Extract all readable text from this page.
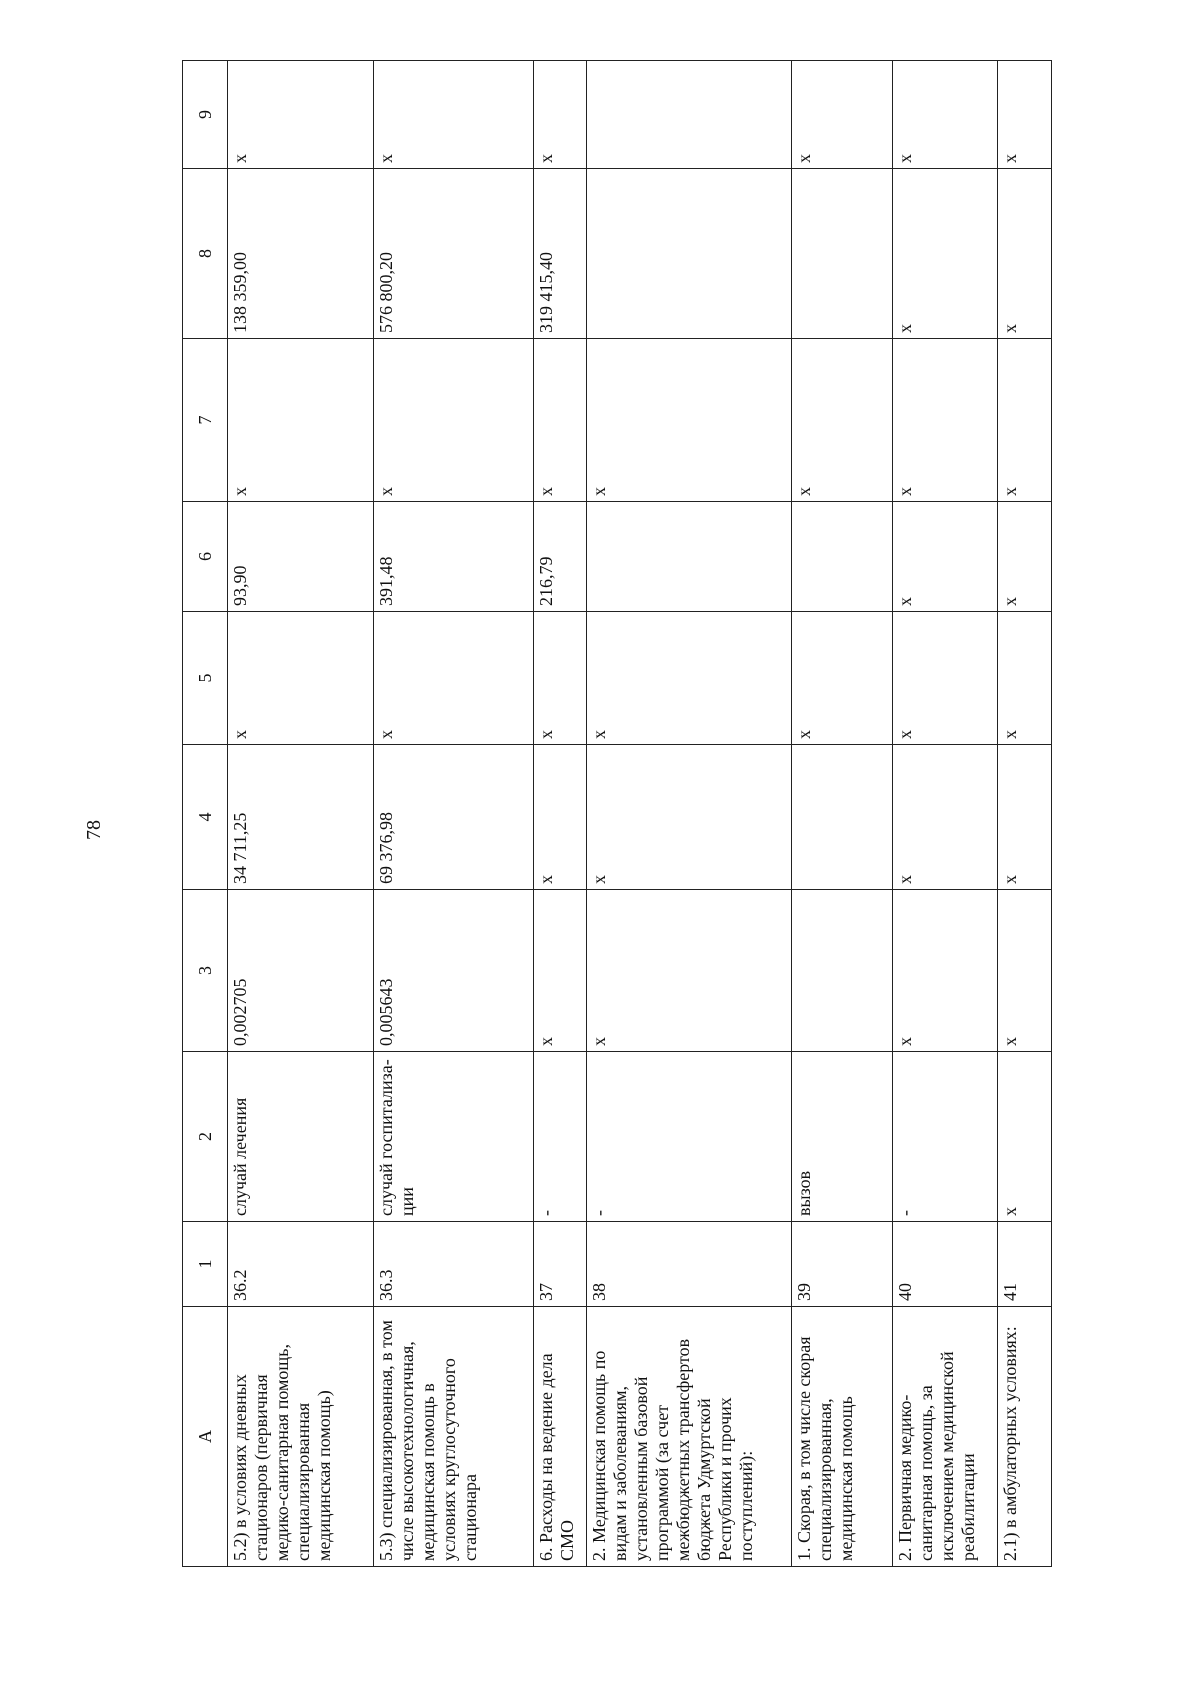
78
А	1	2	3	4	5	6	7	8	9
5.2) в условиях дневных стационаров (первичная медико-санитарная помощь, специализированная медицинская помощь)	36.2	случай лечения	0,002705	34 711,25	х	93,90	х	138 359,00	х
5.3) специализированная, в том числе высокотехнологичная, медицинская помощь в условиях круглосуточного стационара	36.3	случай госпитализа-ции	0,005643	69 376,98	х	391,48	х	576 800,20	х
6. Расходы на ведение дела СМО	37	-	х	х	х	216,79	х	319 415,40	х
2. Медицинская помощь по видам и заболеваниям, установленным базовой программой (за счет межбюджетных трансфертов бюджета Удмуртской Республики и прочих поступлений):	38	-	х	х	х		х		
1. Скорая, в том числе скорая специализированная, медицинская помощь	39	вызов			х		х		х
2. Первичная медико-санитарная помощь, за исключением медицинской реабилитации	40	-	х	х	х	х	х	х	х
2.1) в амбулаторных условиях:	41	х	х	х	х	х	х	х	х
